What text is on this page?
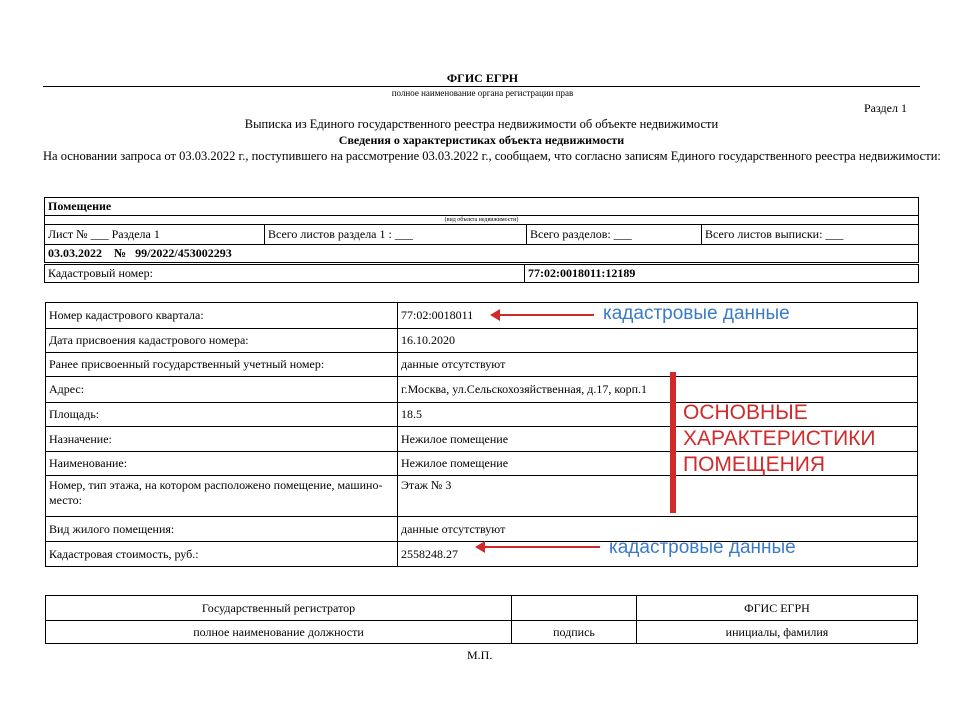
ФГИС ЕГРН
полное наименование органа регистрации прав
Раздел 1
Выписка из Единого государственного реестра недвижимости об объекте недвижимости
Сведения о характеристиках объекта недвижимости
На основании запроса от 03.03.2022 г., поступившего на рассмотрение 03.03.2022 г., сообщаем, что согласно записям Единого государственного реестра недвижимости:
Помещение
(вид объекта недвижимости)
Лист № ___ Раздела 1	Всего листов раздела 1 : ___	Всего разделов: ___	Всего листов выписки: ___
03.03.2022 № 99/2022/453002293
Кадастровый номер:	77:02:0018011:12189
Номер кадастрового квартала:	77:02:0018011
Дата присвоения кадастрового номера:	16.10.2020
Ранее присвоенный государственный учетный номер:	данные отсутствуют
Адрес:	г.Москва, ул.Сельскохозяйственная, д.17, корп.1
Площадь:	18.5
Назначение:	Нежилое помещение
Наименование:	Нежилое помещение
Номер, тип этажа, на котором расположено помещение, машино-место:	Этаж № 3
Вид жилого помещения:	данные отсутствуют
Кадастровая стоимость, руб.:	2558248.27
кадастровые данные
ОСНОВНЫЕ
ХАРАКТЕРИСТИКИ
ПОМЕЩЕНИЯ
кадастровые данные
Государственный регистратор		ФГИС ЕГРН
полное наименование должности	подпись	инициалы, фамилия
М.П.
